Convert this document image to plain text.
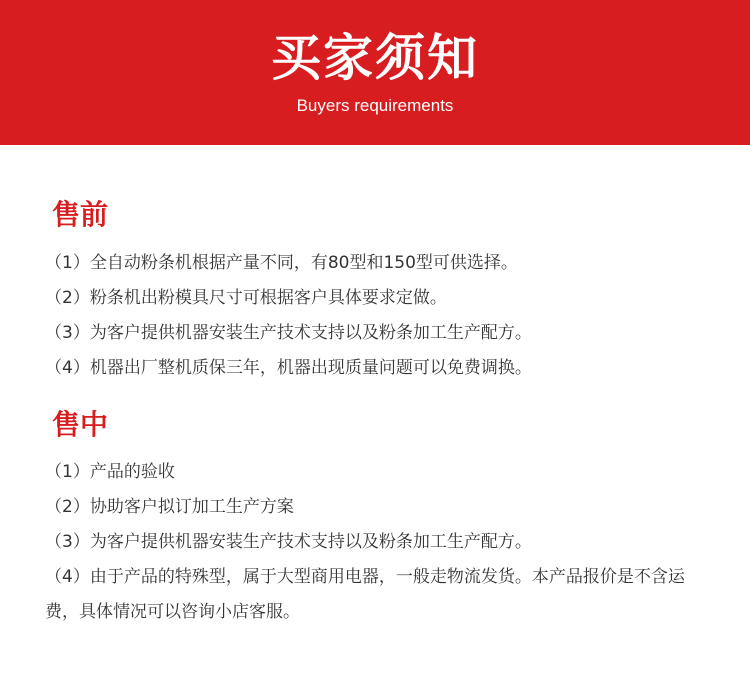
买家须知
Buyers requirements
售前
（1）全自动粉条机根据产量不同，有80型和150型可供选择。
（2）粉条机出粉模具尺寸可根据客户具体要求定做。
（3）为客户提供机器安装生产技术支持以及粉条加工生产配方。
（4）机器出厂整机质保三年，机器出现质量问题可以免费调换。
售中
（1）产品的验收
（2）协助客户拟订加工生产方案
（3）为客户提供机器安装生产技术支持以及粉条加工生产配方。
（4）由于产品的特殊型，属于大型商用电器，一般走物流发货。本产品报价是不含运费，具体情况可以咨询小店客服。
